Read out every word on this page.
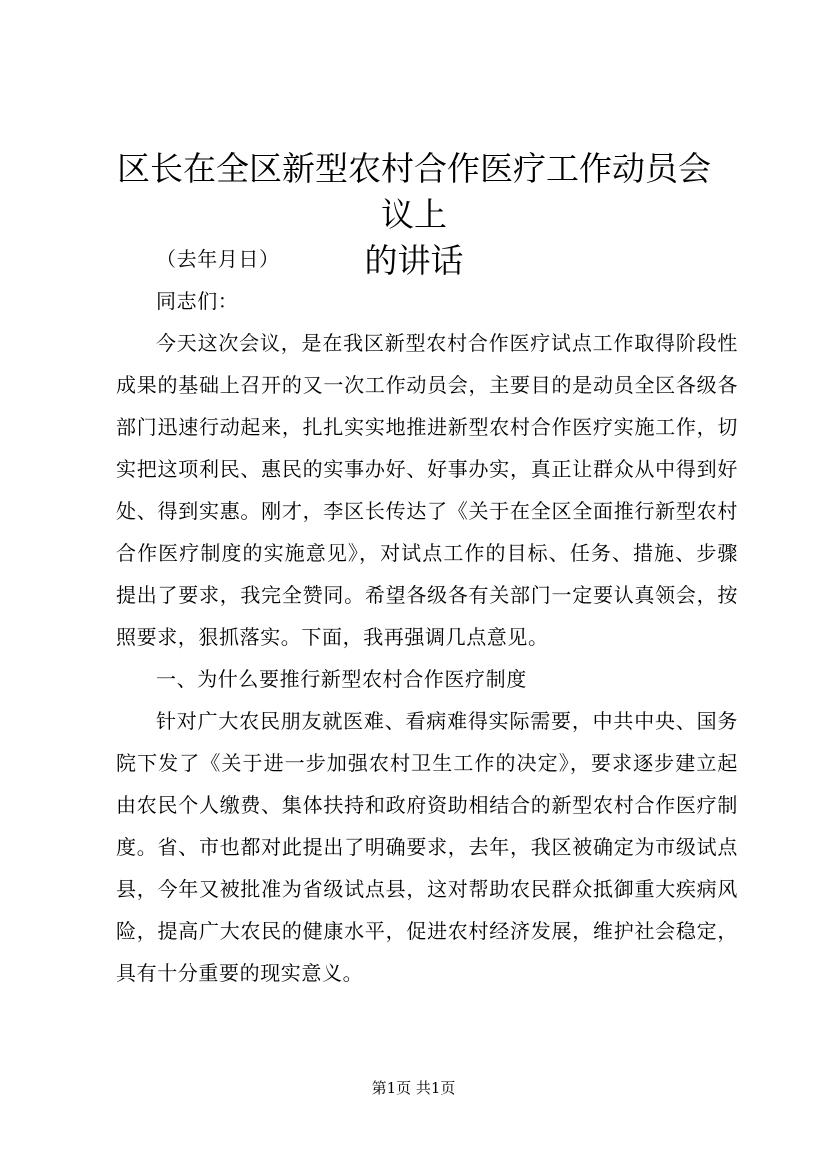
区长在全区新型农村合作医疗工作动员会议上
的讲话

（去年月日）

同志们：

今天这次会议，是在我区新型农村合作医疗试点工作取得阶段性成果的基础上召开的又一次工作动员会，主要目的是动员全区各级各部门迅速行动起来，扎扎实实地推进新型农村合作医疗实施工作，切实把这项利民、惠民的实事办好、好事办实，真正让群众从中得到好处、得到实惠。刚才，李区长传达了《关于在全区全面推行新型农村合作医疗制度的实施意见》，对试点工作的目标、任务、措施、步骤提出了要求，我完全赞同。希望各级各有关部门一定要认真领会，按照要求，狠抓落实。下面，我再强调几点意见。

一、为什么要推行新型农村合作医疗制度

针对广大农民朋友就医难、看病难得实际需要，中共中央、国务院下发了《关于进一步加强农村卫生工作的决定》，要求逐步建立起由农民个人缴费、集体扶持和政府资助相结合的新型农村合作医疗制度。省、市也都对此提出了明确要求，去年，我区被确定为市级试点县，今年又被批准为省级试点县，这对帮助农民群众抵御重大疾病风险，提高广大农民的健康水平，促进农村经济发展，维护社会稳定，具有十分重要的现实意义。

第1页 共1页
